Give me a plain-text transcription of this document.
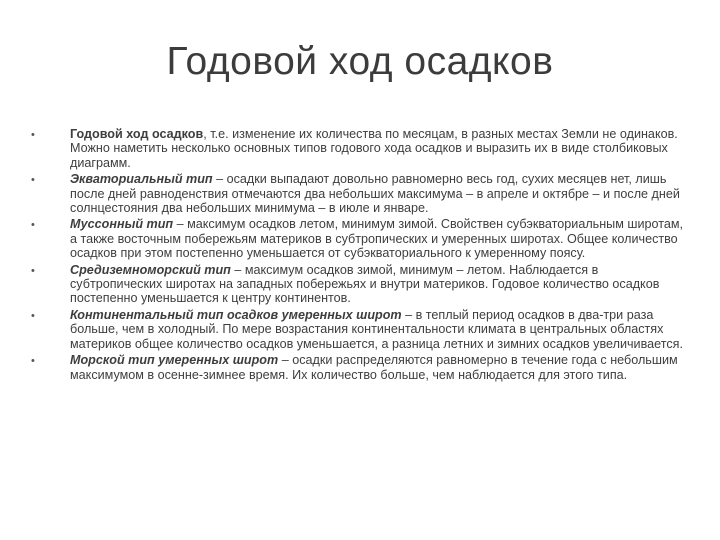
Годовой ход осадков
•	Годовой ход осадков, т.е. изменение их количества по месяцам, в разных местах Земли не одинаков. Можно наметить несколько основных типов годового хода осадков и выразить их в виде столбиковых диаграмм.
•	Экваториальный тип – осадки выпадают довольно равномерно весь год, сухих месяцев нет, лишь после дней равноденствия отмечаются два небольших максимума – в апреле и октябре – и после дней солнцестояния два небольших минимума – в июле и январе.
•	Муссонный тип – максимум осадков летом, минимум зимой. Свойствен субэкваториальным широтам, а также восточным побережьям материков в субтропических и умеренных широтах. Общее количество осадков при этом постепенно уменьшается от субэкваториального к умеренному поясу.
•	Средиземноморский тип – максимум осадков зимой, минимум – летом. Наблюдается в субтропических широтах на западных побережьях и внутри материков. Годовое количество осадков постепенно уменьшается к центру континентов.
•	Континентальный тип осадков умеренных широт – в теплый период осадков в два-три раза больше, чем в холодный. По мере возрастания континентальности климата в центральных областях материков общее количество осадков уменьшается, а разница летних и зимних осадков увеличивается.
•	Морской тип умеренных широт – осадки распределяются равномерно в течение года с небольшим максимумом в осенне-зимнее время. Их количество больше, чем наблюдается для этого типа.
